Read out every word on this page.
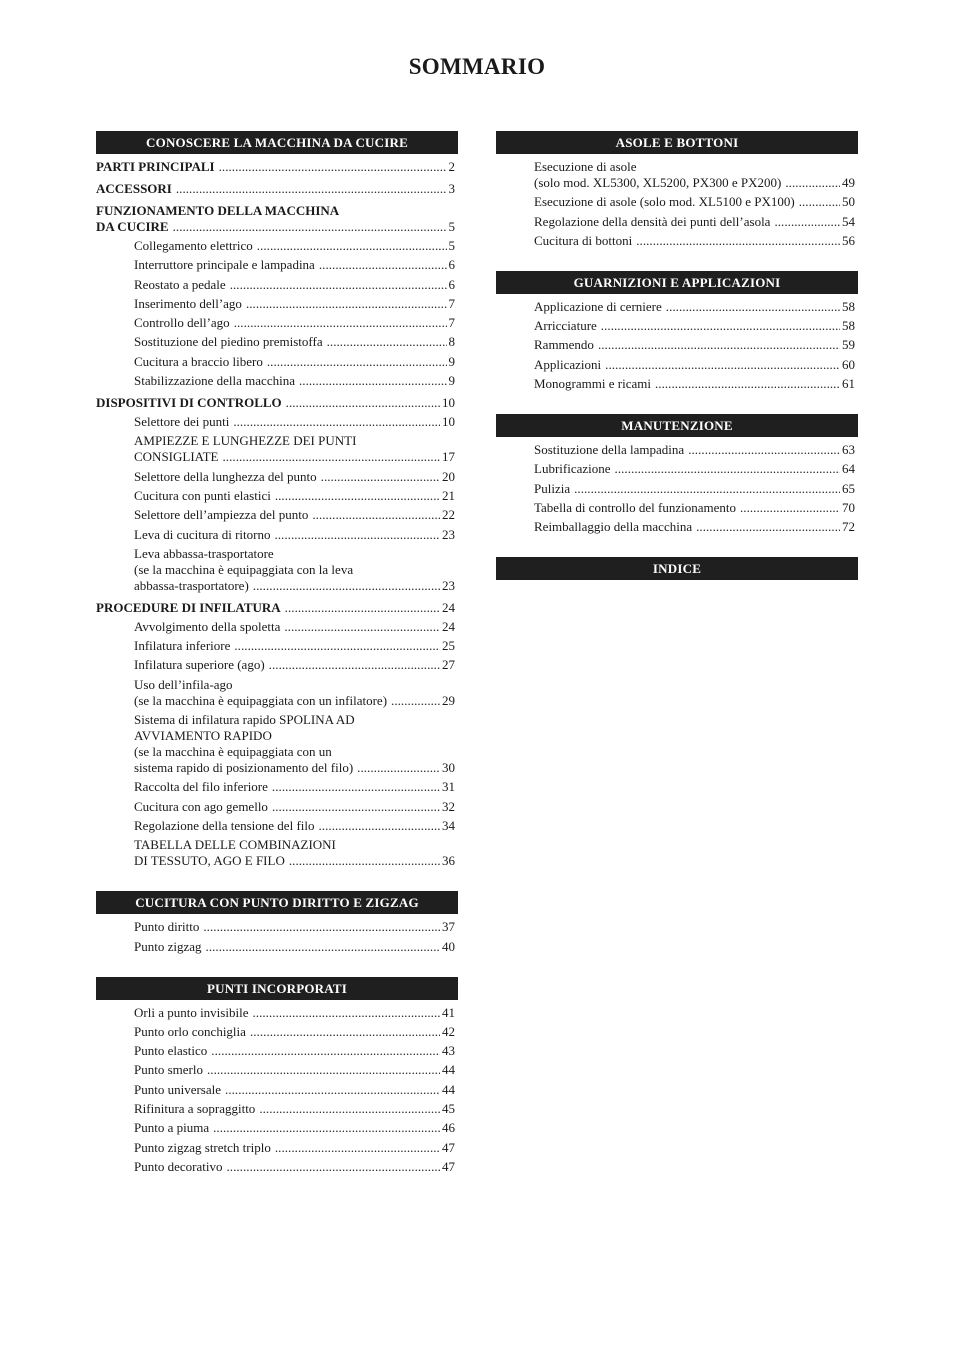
SOMMARIO
CONOSCERE LA MACCHINA DA CUCIRE
PARTI PRINCIPALI . . .	2
ACCESSORI . . .	3
FUNZIONAMENTO DELLA MACCHINA
DA CUCIRE . . .	5
Collegamento elettrico . . .	5
Interruttore principale e lampadina . . .	6
Reostato a pedale . . .	6
Inserimento dell’ago . . .	7
Controllo dell’ago . . .	7
Sostituzione del piedino premistoffa . . .	8
Cucitura a braccio libero . . .	9
Stabilizzazione della macchina . . .	9
DISPOSITIVI DI CONTROLLO . . .	10
Selettore dei punti . . .	10
AMPIEZZE E LUNGHEZZE DEI PUNTI
CONSIGLIATE . . .	17
Selettore della lunghezza del punto . . .	20
Cucitura con punti elastici . . .	21
Selettore dell’ampiezza del punto . . .	22
Leva di cucitura di ritorno . . .	23
Leva abbassa-trasportatore
(se la macchina è equipaggiata con la leva
abbassa-trasportatore) . . .	23
PROCEDURE DI INFILATURA . . .	24
Avvolgimento della spoletta . . .	24
Infilatura inferiore . . .	25
Infilatura superiore (ago) . . .	27
Uso dell’infila-ago
(se la macchina è equipaggiata con un infilatore) . . .	29
Sistema di infilatura rapido SPOLINA AD
AVVIAMENTO RAPIDO
(se la macchina è equipaggiata con un
sistema rapido di posizionamento del filo) . . .	30
Raccolta del filo inferiore . . .	31
Cucitura con ago gemello . . .	32
Regolazione della tensione del filo . . .	34
TABELLA DELLE COMBINAZIONI
DI TESSUTO, AGO E FILO . . .	36
CUCITURA CON PUNTO DIRITTO E ZIGZAG
Punto diritto . . .	37
Punto zigzag . . .	40
PUNTI INCORPORATI
Orli a punto invisibile . . .	41
Punto orlo conchiglia . . .	42
Punto elastico . . .	43
Punto smerlo . . .	44
Punto universale . . .	44
Rifinitura a sopraggitto . . .	45
Punto a piuma . . .	46
Punto zigzag stretch triplo . . .	47
Punto decorativo . . .	47
ASOLE E BOTTONI
Esecuzione di asole
(solo mod. XL5300, XL5200, PX300 e PX200) . . .	49
Esecuzione di asole (solo mod. XL5100 e PX100) . . .	50
Regolazione della densità dei punti dell’asola . . .	54
Cucitura di bottoni . . .	56
GUARNIZIONI E APPLICAZIONI
Applicazione di cerniere . . .	58
Arricciature . . .	58
Rammendo . . .	59
Applicazioni . . .	60
Monogrammi e ricami . . .	61
MANUTENZIONE
Sostituzione della lampadina . . .	63
Lubrificazione . . .	64
Pulizia . . .	65
Tabella di controllo del funzionamento . . .	70
Reimballaggio della macchina . . .	72
INDICE
